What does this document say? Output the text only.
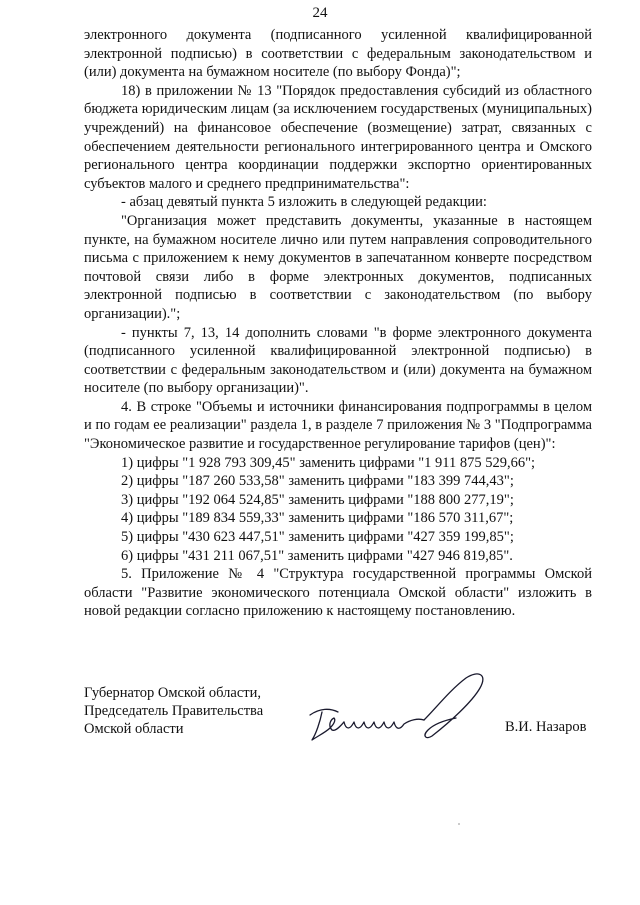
24

электронного документа (подписанного усиленной квалифицированной электронной подписью) в соответствии с федеральным законодательством и (или) документа на бумажном носителе (по выбору Фонда)";

18) в приложении № 13 "Порядок предоставления субсидий из областного бюджета юридическим лицам (за исключением государственых (муниципальных) учреждений) на финансовое обеспечение (возмещение) затрат, связанных с обеспечением деятельности регионального интегрированного центра и Омского регионального центра координации поддержки экспортно ориентированных субъектов малого и среднего предпринимательства":

- абзац девятый пункта 5 изложить в следующей редакции:

"Организация может представить документы, указанные в настоящем пункте, на бумажном носителе лично или путем направления сопроводительного письма с приложением к нему документов в запечатанном конверте посредством почтовой связи либо в форме электронных документов, подписанных электронной подписью в соответствии с законодательством (по выбору организации).";

- пункты 7, 13, 14 дополнить словами "в форме электронного документа (подписанного усиленной квалифицированной электронной подписью) в соответствии с федеральным законодательством и (или) документа на бумажном носителе (по выбору организации)".

4. В строке "Объемы и источники финансирования подпрограммы в целом и по годам ее реализации" раздела 1, в разделе 7 приложения № 3 "Подпрограмма "Экономическое развитие и государственное регулирование тарифов (цен)":

1) цифры "1 928 793 309,45" заменить цифрами "1 911 875 529,66";

2) цифры "187 260 533,58" заменить цифрами "183 399 744,43";

3) цифры "192 064 524,85" заменить цифрами "188 800 277,19";

4) цифры "189 834 559,33" заменить цифрами "186 570 311,67";

5) цифры "430 623 447,51" заменить цифрами "427 359 199,85";

6) цифры "431 211 067,51" заменить цифрами "427 946 819,85".

5. Приложение № 4 "Структура государственной программы Омской области "Развитие экономического потенциала Омской области" изложить в новой редакции согласно приложению к настоящему постановлению.

Губернатор Омской области,
Председатель Правительства
Омской области	В.И. Назаров
